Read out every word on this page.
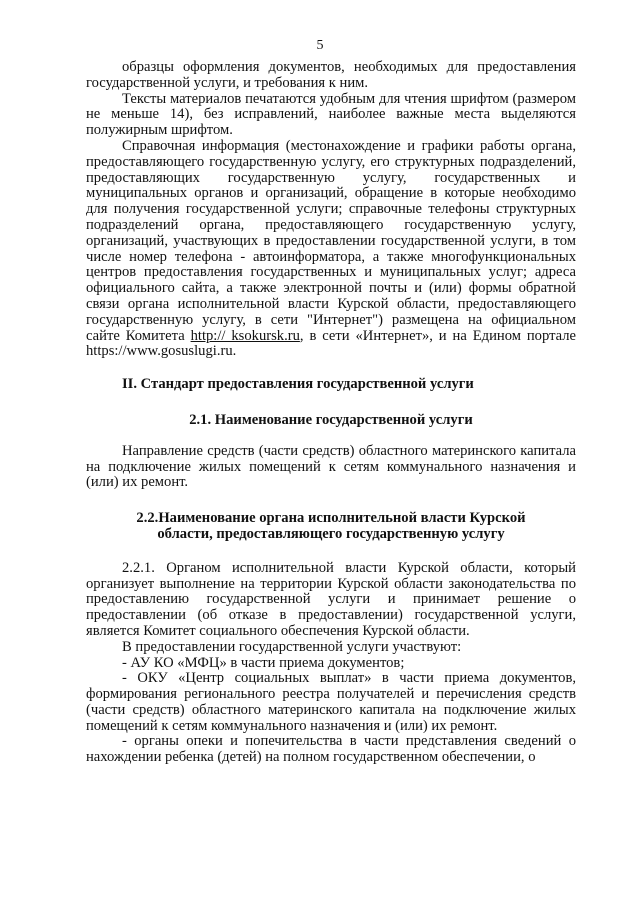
5

образцы оформления документов, необходимых для предоставления государственной услуги, и требования к ним.

Тексты материалов печатаются удобным для чтения шрифтом (размером не меньше 14), без исправлений, наиболее важные места выделяются полужирным шрифтом.

Справочная информация (местонахождение и графики работы органа, предоставляющего государственную услугу, его структурных подразделений, предоставляющих государственную услугу, государственных и муниципальных органов и организаций, обращение в которые необходимо для получения государственной услуги; справочные телефоны структурных подразделений органа, предоставляющего государственную услугу, организаций, участвующих в предоставлении государственной услуги, в том числе номер телефона - автоинформатора, а также многофункциональных центров предоставления государственных и муниципальных услуг; адреса официального сайта, а также электронной почты и (или) формы обратной связи органа исполнительной власти Курской области, предоставляющего государственную услугу, в сети "Интернет") размещена на официальном сайте Комитета http:// ksokursk.ru, в сети «Интернет», и на Едином портале https://www.gosuslugi.ru.

II. Стандарт предоставления государственной услуги

2.1. Наименование государственной услуги

Направление средств (части средств) областного материнского капитала на подключение жилых помещений к сетям коммунального назначения и (или) их ремонт.

2.2.Наименование органа исполнительной власти Курской
области, предоставляющего государственную услугу

2.2.1. Органом исполнительной власти Курской области, который организует выполнение на территории Курской области законодательства по предоставлению государственной услуги и принимает решение о предоставлении (об отказе в предоставлении) государственной услуги, является Комитет социального обеспечения Курской области.

В предоставлении государственной услуги участвуют:

- АУ КО «МФЦ» в части приема документов;

- ОКУ «Центр социальных выплат» в части приема документов, формирования регионального реестра получателей и перечисления средств (части средств) областного материнского капитала на подключение жилых помещений к сетям коммунального назначения и (или) их ремонт.

- органы опеки и попечительства в части представления сведений о нахождении ребенка (детей) на полном государственном обеспечении, о
